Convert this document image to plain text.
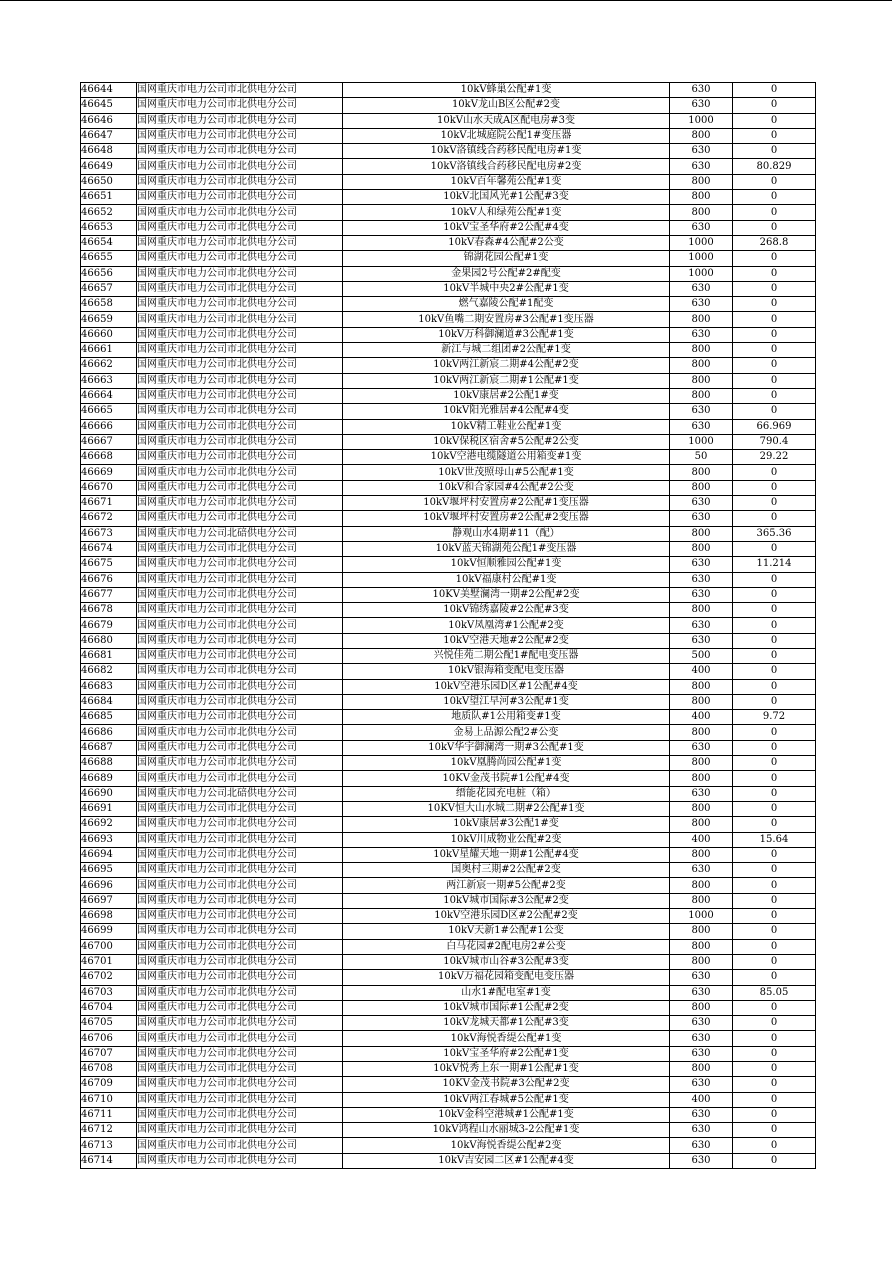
46644	国网重庆市电力公司市北供电分公司	10kV蜂巢公配#1变	630	0
46645	国网重庆市电力公司市北供电分公司	10kV龙山B区公配#2变	630	0
46646	国网重庆市电力公司市北供电分公司	10kV山水天成A区配电房#3变	1000	0
46647	国网重庆市电力公司市北供电分公司	10kV北城庭院公配1#变压器	800	0
46648	国网重庆市电力公司市北供电分公司	10kV洛镇线合药移民配电房#1变	630	0
46649	国网重庆市电力公司市北供电分公司	10kV洛镇线合药移民配电房#2变	630	80.829
46650	国网重庆市电力公司市北供电分公司	10kV百年馨苑公配#1变	800	0
46651	国网重庆市电力公司市北供电分公司	10kV北国风光#1公配#3变	800	0
46652	国网重庆市电力公司市北供电分公司	10kV人和绿苑公配#1变	800	0
46653	国网重庆市电力公司市北供电分公司	10kV宝圣华府#2公配#4变	630	0
46654	国网重庆市电力公司市北供电分公司	10kV春森#4公配#2公变	1000	268.8
46655	国网重庆市电力公司市北供电分公司	锦湖花园公配#1变	1000	0
46656	国网重庆市电力公司市北供电分公司	金果园2号公配#2#配变	1000	0
46657	国网重庆市电力公司市北供电分公司	10kV半城中央2#公配#1变	630	0
46658	国网重庆市电力公司市北供电分公司	燃气嘉陵公配#1配变	630	0
46659	国网重庆市电力公司市北供电分公司	10kV鱼嘴二期安置房#3公配#1变压器	800	0
46660	国网重庆市电力公司市北供电分公司	10kV万科御澜道#3公配#1变	630	0
46661	国网重庆市电力公司市北供电分公司	新江与城二组团#2公配#1变	800	0
46662	国网重庆市电力公司市北供电分公司	10kV两江新宸二期#4公配#2变	800	0
46663	国网重庆市电力公司市北供电分公司	10kV两江新宸二期#1公配#1变	800	0
46664	国网重庆市电力公司市北供电分公司	10kV康居#2公配1#变	800	0
46665	国网重庆市电力公司市北供电分公司	10kV阳光雅居#4公配#4变	630	0
46666	国网重庆市电力公司市北供电分公司	10kV精工鞋业公配#1变	630	66.969
46667	国网重庆市电力公司市北供电分公司	10kV保税区宿舍#5公配#2公变	1000	790.4
46668	国网重庆市电力公司市北供电分公司	10kV空港电缆隧道公用箱变#1变	50	29.22
46669	国网重庆市电力公司市北供电分公司	10kV世茂照母山#5公配#1变	800	0
46670	国网重庆市电力公司市北供电分公司	10kV和合家园#4公配#2公变	800	0
46671	国网重庆市电力公司市北供电分公司	10kV堰坪村安置房#2公配#1变压器	630	0
46672	国网重庆市电力公司市北供电分公司	10kV堰坪村安置房#2公配#2变压器	630	0
46673	国网重庆市电力公司北碚供电分公司	静观山水4期#11（配）	800	365.36
46674	国网重庆市电力公司市北供电分公司	10kV蓝天锦湖苑公配1#变压器	800	0
46675	国网重庆市电力公司市北供电分公司	10kV恒顺雅园公配#1变	630	11.214
46676	国网重庆市电力公司市北供电分公司	10kV福康村公配#1变	630	0
46677	国网重庆市电力公司市北供电分公司	10KV美墅澜湾一期#2公配#2变	630	0
46678	国网重庆市电力公司市北供电分公司	10kV锦绣嘉陵#2公配#3变	800	0
46679	国网重庆市电力公司市北供电分公司	10kV凤凰湾#1公配#2变	630	0
46680	国网重庆市电力公司市北供电分公司	10kV空港天地#2公配#2变	630	0
46681	国网重庆市电力公司市北供电分公司	兴悦佳苑二期公配1#配电变压器	500	0
46682	国网重庆市电力公司市北供电分公司	10kV银海箱变配电变压器	400	0
46683	国网重庆市电力公司市北供电分公司	10kV空港乐园D区#1公配#4变	800	0
46684	国网重庆市电力公司市北供电分公司	10kV望江早河#3公配#1变	800	0
46685	国网重庆市电力公司市北供电分公司	地质队#1公用箱变#1变	400	9.72
46686	国网重庆市电力公司市北供电分公司	金易上品源公配2#公变	800	0
46687	国网重庆市电力公司市北供电分公司	10kV华宇御澜湾一期#3公配#1变	630	0
46688	国网重庆市电力公司市北供电分公司	10kV凰腾尚园公配#1变	800	0
46689	国网重庆市电力公司市北供电分公司	10KV金茂书院#1公配#4变	800	0
46690	国网重庆市电力公司北碚供电分公司	缙能花园充电桩（箱）	630	0
46691	国网重庆市电力公司市北供电分公司	10KV恒大山水城二期#2公配#1变	800	0
46692	国网重庆市电力公司市北供电分公司	10kV康居#3公配1#变	800	0
46693	国网重庆市电力公司市北供电分公司	10kV川成物业公配#2变	400	15.64
46694	国网重庆市电力公司市北供电分公司	10kV星耀天地一期#1公配#4变	800	0
46695	国网重庆市电力公司市北供电分公司	国奥村三期#2公配#2变	630	0
46696	国网重庆市电力公司市北供电分公司	两江新宸一期#5公配#2变	800	0
46697	国网重庆市电力公司市北供电分公司	10kV城市国际#3公配#2变	800	0
46698	国网重庆市电力公司市北供电分公司	10kV空港乐园D区#2公配#2变	1000	0
46699	国网重庆市电力公司市北供电分公司	10kV天新1#公配#1公变	800	0
46700	国网重庆市电力公司市北供电分公司	白马花园#2配电房2#公变	800	0
46701	国网重庆市电力公司市北供电分公司	10kV城市山谷#3公配#3变	800	0
46702	国网重庆市电力公司市北供电分公司	10kV万福花园箱变配电变压器	630	0
46703	国网重庆市电力公司市北供电分公司	山水1#配电室#1变	630	85.05
46704	国网重庆市电力公司市北供电分公司	10kV城市国际#1公配#2变	800	0
46705	国网重庆市电力公司市北供电分公司	10kV龙城天都#1公配#3变	630	0
46706	国网重庆市电力公司市北供电分公司	10kV海悦香缇公配#1变	630	0
46707	国网重庆市电力公司市北供电分公司	10kV宝圣华府#2公配#1变	630	0
46708	国网重庆市电力公司市北供电分公司	10kV悦秀上东一期#1公配#1变	800	0
46709	国网重庆市电力公司市北供电分公司	10KV金茂书院#3公配#2变	630	0
46710	国网重庆市电力公司市北供电分公司	10kV两江春城#5公配#1变	400	0
46711	国网重庆市电力公司市北供电分公司	10kV金科空港城#1公配#1变	630	0
46712	国网重庆市电力公司市北供电分公司	10kV鸿程山水丽城3-2公配#1变	630	0
46713	国网重庆市电力公司市北供电分公司	10kV海悦香缇公配#2变	630	0
46714	国网重庆市电力公司市北供电分公司	10kV吉安园二区#1公配#4变	630	0
